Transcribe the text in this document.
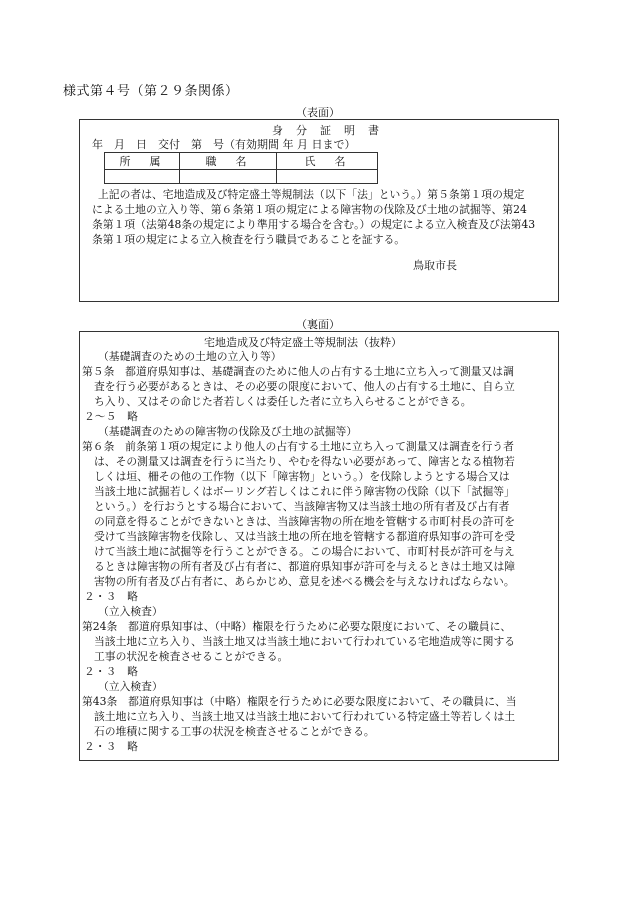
様式第４号（第２９条関係）
（表面）
身　分　証　明　書
年　月　日　交付　第　号（有効期間 年 月 日まで）
所　属	職　名	氏　名

上記の者は、宅地造成及び特定盛土等規制法（以下「法」という。）第５条第１項の規定
による土地の立入り等、第６条第１項の規定による障害物の伐除及び土地の試掘等、第24
条第１項（法第48条の規定により準用する場合を含む。）の規定による立入検査及び法第43
条第１項の規定による立入検査を行う職員であることを証する。
鳥取市長
（裏面）
宅地造成及び特定盛土等規制法（抜粋）
（基礎調査のための土地の立入り等）
第５条　都道府県知事は、基礎調査のために他人の占有する土地に立ち入って測量又は調
査を行う必要があるときは、その必要の限度において、他人の占有する土地に、自ら立
ち入り、又はその命じた者若しくは委任した者に立ち入らせることができる。
２～５　略
（基礎調査のための障害物の伐除及び土地の試掘等）
第６条　前条第１項の規定により他人の占有する土地に立ち入って測量又は調査を行う者
は、その測量又は調査を行うに当たり、やむを得ない必要があって、障害となる植物若
しくは垣、柵その他の工作物（以下「障害物」という。）を伐除しようとする場合又は
当該土地に試掘若しくはボーリング若しくはこれに伴う障害物の伐除（以下「試掘等」
という。）を行おうとする場合において、当該障害物又は当該土地の所有者及び占有者
の同意を得ることができないときは、当該障害物の所在地を管轄する市町村長の許可を
受けて当該障害物を伐除し、又は当該土地の所在地を管轄する都道府県知事の許可を受
けて当該土地に試掘等を行うことができる。この場合において、市町村長が許可を与え
るときは障害物の所有者及び占有者に、都道府県知事が許可を与えるときは土地又は障
害物の所有者及び占有者に、あらかじめ、意見を述べる機会を与えなければならない。
２・３　略
（立入検査）
第24条　都道府県知事は、（中略）権限を行うために必要な限度において、その職員に、
当該土地に立ち入り、当該土地又は当該土地において行われている宅地造成等に関する
工事の状況を検査させることができる。
２・３　略
（立入検査）
第43条　都道府県知事は（中略）権限を行うために必要な限度において、その職員に、当
該土地に立ち入り、当該土地又は当該土地において行われている特定盛土等若しくは土
石の堆積に関する工事の状況を検査させることができる。
２・３　略
